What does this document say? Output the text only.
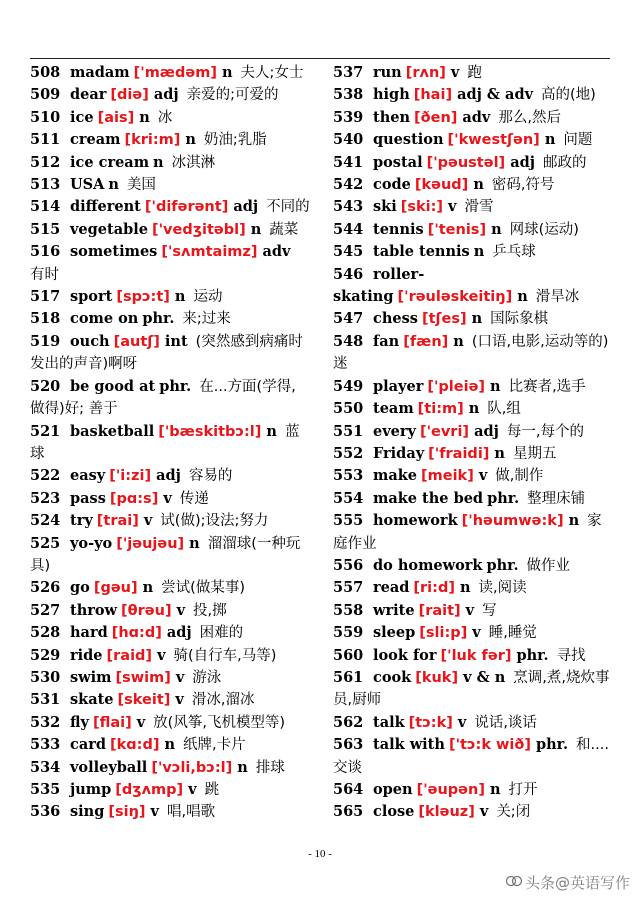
508 madam ['mædəm] n 夫人;女士
509 dear [diə] adj 亲爱的;可爱的
510 ice [ais] n 冰
511 cream [kri:m] n 奶油;乳脂
512 ice cream n 冰淇淋
513 USA n 美国
514 different ['difərənt] adj 不同的
515 vegetable ['vedʒitəbl] n 蔬菜
516 sometimes ['sʌmtaimz] adv有时
517 sport [spɔ:t] n 运动
518 come on phr. 来;过来
519 ouch [autʃ] int (突然感到病痛时发出的声音)啊呀
520 be good at phr. 在...方面(学得,做得)好; 善于
521 basketball ['bæskitbɔ:l] n 蓝球
522 easy ['i:zi] adj 容易的
523 pass [pɑ:s] v 传递
524 try [trai] v 试(做);设法;努力
525 yo-yo ['jəujəu] n 溜溜球(一种玩具)
526 go [gəu] n 尝试(做某事)
527 throw [θrəu] v 投,掷
528 hard [hɑ:d] adj 困难的
529 ride [raid] v 骑(自行车,马等)
530 swim [swim] v 游泳
531 skate [skeit] v 滑冰,溜冰
532 fly [flai] v 放(风筝,飞机模型等)
533 card [kɑ:d] n 纸牌,卡片
534 volleyball ['vɔli,bɔ:l] n 排球
535 jump [dʒʌmp] v 跳
536 sing [siŋ] v 唱,唱歌
537 run [rʌn] v 跑
538 high [hai] adj & adv 高的(地)
539 then [ðen] adv 那么,然后
540 question ['kwestʃən] n 问题
541 postal ['pəustəl] adj 邮政的
542 code [kəud] n 密码,符号
543 ski [ski:] v 滑雪
544 tennis ['tenis] n 网球(运动)
545 table tennis n 乒乓球
546 roller-skating ['rəuləskeitiŋ] n 滑旱冰
547 chess [tʃes] n 国际象棋
548 fan [fæn] n (口语,电影,运动等的)迷
549 player ['pleiə] n 比赛者,选手
550 team [ti:m] n 队,组
551 every ['evri] adj 每一,每个的
552 Friday ['fraidi] n 星期五
553 make [meik] v 做,制作
554 make the bed phr. 整理床铺
555 homework ['həumwə:k] n 家庭作业
556 do homework phr. 做作业
557 read [ri:d] n 读,阅读
558 write [rait] v 写
559 sleep [sli:p] v 睡,睡觉
560 look for ['luk fər] phr. 寻找
561 cook [kuk] v & n 烹调,煮,烧炊事员,厨师
562 talk [tɔ:k] v 说话,谈话
563 talk with ['tɔ:k wið] phr. 和....交谈
564 open ['əupən] n 打开
565 close [kləuz] v 关;闭
- 10 -
头条@英语写作
